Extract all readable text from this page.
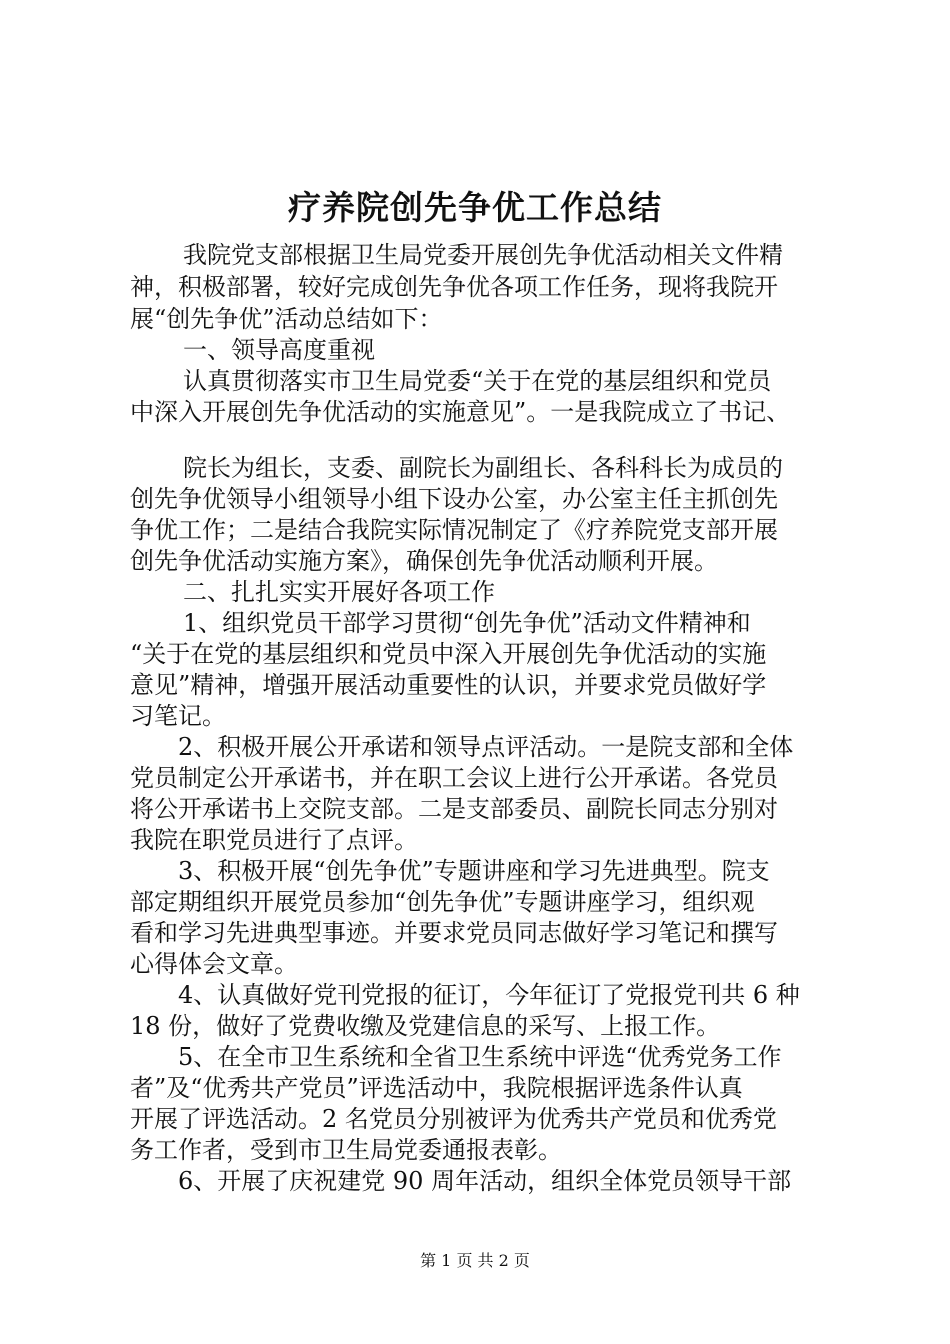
疗养院创先争优工作总结
我院党支部根据卫生局党委开展创先争优活动相关文件精
神，积极部署，较好完成创先争优各项工作任务，现将我院开
展“创先争优”活动总结如下：
一、领导高度重视
认真贯彻落实市卫生局党委“关于在党的基层组织和党员
中深入开展创先争优活动的实施意见”。一是我院成立了书记、
院长为组长，支委、副院长为副组长、各科科长为成员的
创先争优领导小组领导小组下设办公室，办公室主任主抓创先
争优工作；二是结合我院实际情况制定了《疗养院党支部开展
创先争优活动实施方案》，确保创先争优活动顺利开展。
二、扎扎实实开展好各项工作
1、组织党员干部学习贯彻“创先争优”活动文件精神和
“关于在党的基层组织和党员中深入开展创先争优活动的实施
意见”精神，增强开展活动重要性的认识，并要求党员做好学
习笔记。
2、积极开展公开承诺和领导点评活动。一是院支部和全体
党员制定公开承诺书，并在职工会议上进行公开承诺。各党员
将公开承诺书上交院支部。二是支部委员、副院长同志分别对
我院在职党员进行了点评。
3、积极开展“创先争优”专题讲座和学习先进典型。院支
部定期组织开展党员参加“创先争优”专题讲座学习，组织观
看和学习先进典型事迹。并要求党员同志做好学习笔记和撰写
心得体会文章。
4、认真做好党刊党报的征订，今年征订了党报党刊共 6 种
18 份，做好了党费收缴及党建信息的采写、上报工作。
5、在全市卫生系统和全省卫生系统中评选“优秀党务工作
者”及“优秀共产党员”评选活动中，我院根据评选条件认真
开展了评选活动。2 名党员分别被评为优秀共产党员和优秀党
务工作者，受到市卫生局党委通报表彰。
6、开展了庆祝建党 90 周年活动，组织全体党员领导干部
第 1 页 共 2 页
